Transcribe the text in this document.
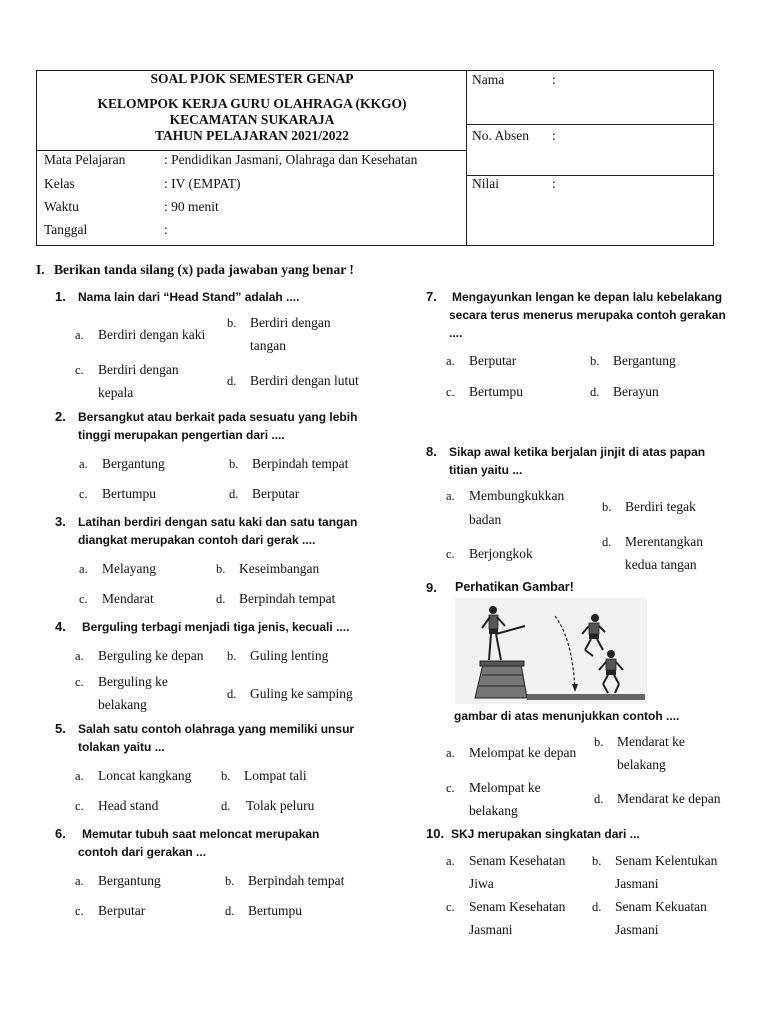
SOAL PJOK SEMESTER GENAP
KELOMPOK KERJA GURU OLAHRAGA (KKGO)
KECAMATAN SUKARAJA
TAHUN PELAJARAN 2021/2022
Mata Pelajaran	: Pendidikan Jasmani, Olahraga dan Kesehatan
Kelas	: IV (EMPAT)
Waktu	: 90 menit
Tanggal	:
Nama	:
No. Absen :
Nilai	:
I. Berikan tanda silang (x) pada jawaban yang benar !
1. Nama lain dari “Head Stand” adalah ....
a. Berdiri dengan kaki
b. Berdiri dengan
tangan
c. Berdiri dengan
kepala
d. Berdiri dengan lutut
2. Bersangkut atau berkait pada sesuatu yang lebih
tinggi merupakan pengertian dari ....
a. Bergantung	b. Berpindah tempat
c. Bertumpu	d. Berputar
3. Latihan berdiri dengan satu kaki dan satu tangan
diangkat merupakan contoh dari gerak ....
a. Melayang	b. Keseimbangan
c. Mendarat	d. Berpindah tempat
4. Berguling terbagi menjadi tiga jenis, kecuali ....
a. Berguling ke depan b. Guling lenting
c. Berguling ke
belakang
d. Guling ke samping
5. Salah satu contoh olahraga yang memiliki unsur
tolakan yaitu ...
a. Loncat kangkang b. Lompat tali
c. Head stand	d. Tolak peluru
6. Memutar tubuh saat meloncat merupakan
contoh dari gerakan ...
a. Bergantung	b. Berpindah tempat
c. Berputar	d. Bertumpu
7. Mengayunkan lengan ke depan lalu kebelakang
secara terus menerus merupaka contoh gerakan
....
a. Berputar	b. Bergantung
c. Bertumpu	d. Berayun
8. Sikap awal ketika berjalan jinjit di atas papan
titian yaitu ...
a. Membungkukkan
badan
b. Berdiri tegak
c. Berjongkok
d. Merentangkan
kedua tangan
9. Perhatikan Gambar!
gambar di atas menunjukkan contoh ....
a. Melompat ke depan
b. Mendarat ke
belakang
c. Melompat ke
belakang
d. Mendarat ke depan
10. SKJ merupakan singkatan dari ...
a. Senam Kesehatan
Jiwa
b. Senam Kelentukan
Jasmani
c. Senam Kesehatan
Jasmani
d. Senam Kekuatan
Jasmani
